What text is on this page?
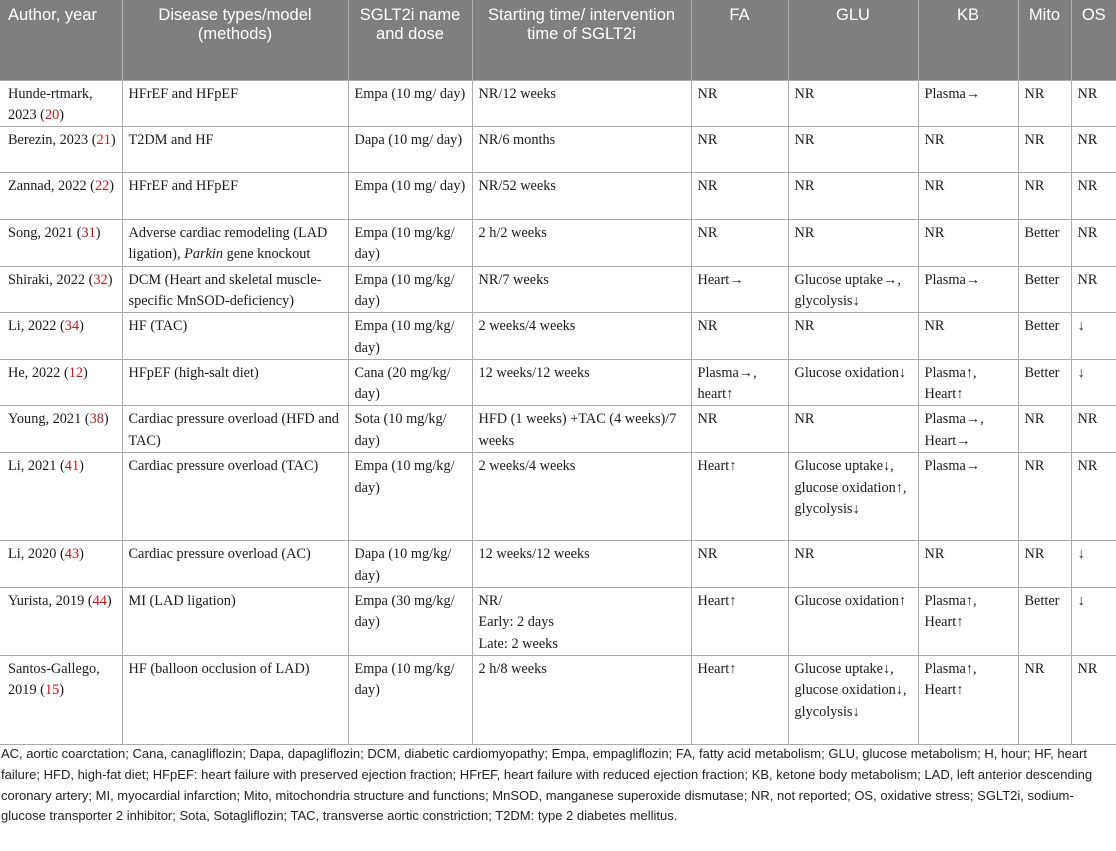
Author, year	Disease types/model (methods)	SGLT2i name and dose	Starting time/ intervention time of SGLT2i	FA	GLU	KB	Mito	OS
Hunde-rtmark, 2023 (20)	HFrEF and HFpEF	Empa (10 mg/ day)	NR/12 weeks	NR	NR	Plasma→	NR	NR
Berezin, 2023 (21)	T2DM and HF	Dapa (10 mg/ day)	NR/6 months	NR	NR	NR	NR	NR
Zannad, 2022 (22)	HFrEF and HFpEF	Empa (10 mg/ day)	NR/52 weeks	NR	NR	NR	NR	NR
Song, 2021 (31)	Adverse cardiac remodeling (LAD ligation), Parkin gene knockout	Empa (10 mg/kg/ day)	2 h/2 weeks	NR	NR	NR	Better	NR
Shiraki, 2022 (32)	DCM (Heart and skeletal muscle-specific MnSOD-deficiency)	Empa (10 mg/kg/ day)	NR/7 weeks	Heart→	Glucose uptake→, glycolysis↓	Plasma→	Better	NR
Li, 2022 (34)	HF (TAC)	Empa (10 mg/kg/ day)	2 weeks/4 weeks	NR	NR	NR	Better	↓
He, 2022 (12)	HFpEF (high-salt diet)	Cana (20 mg/kg/ day)	12 weeks/12 weeks	Plasma→, heart↑	Glucose oxidation↓	Plasma↑, Heart↑	Better	↓
Young, 2021 (38)	Cardiac pressure overload (HFD and TAC)	Sota (10 mg/kg/ day)	HFD (1 weeks) +TAC (4 weeks)/7 weeks	NR	NR	Plasma→, Heart→	NR	NR
Li, 2021 (41)	Cardiac pressure overload (TAC)	Empa (10 mg/kg/ day)	2 weeks/4 weeks	Heart↑	Glucose uptake↓, glucose oxidation↑, glycolysis↓	Plasma→	NR	NR
Li, 2020 (43)	Cardiac pressure overload (AC)	Dapa (10 mg/kg/ day)	12 weeks/12 weeks	NR	NR	NR	NR	↓
Yurista, 2019 (44)	MI (LAD ligation)	Empa (30 mg/kg/ day)	NR/
Early: 2 days
Late: 2 weeks	Heart↑	Glucose oxidation↑	Plasma↑, Heart↑	Better	↓
Santos-Gallego, 2019 (15)	HF (balloon occlusion of LAD)	Empa (10 mg/kg/ day)	2 h/8 weeks	Heart↑	Glucose uptake↓, glucose oxidation↓, glycolysis↓	Plasma↑, Heart↑	NR	NR
AC, aortic coarctation; Cana, canagliflozin; Dapa, dapagliflozin; DCM, diabetic cardiomyopathy; Empa, empagliflozin; FA, fatty acid metabolism; GLU, glucose metabolism; H, hour; HF, heart failure; HFD, high-fat diet; HFpEF: heart failure with preserved ejection fraction; HFrEF, heart failure with reduced ejection fraction; KB, ketone body metabolism; LAD, left anterior descending coronary artery; MI, myocardial infarction; Mito, mitochondria structure and functions; MnSOD, manganese superoxide dismutase; NR, not reported; OS, oxidative stress; SGLT2i, sodium-glucose transporter 2 inhibitor; Sota, Sotagliflozin; TAC, transverse aortic constriction; T2DM: type 2 diabetes mellitus.
